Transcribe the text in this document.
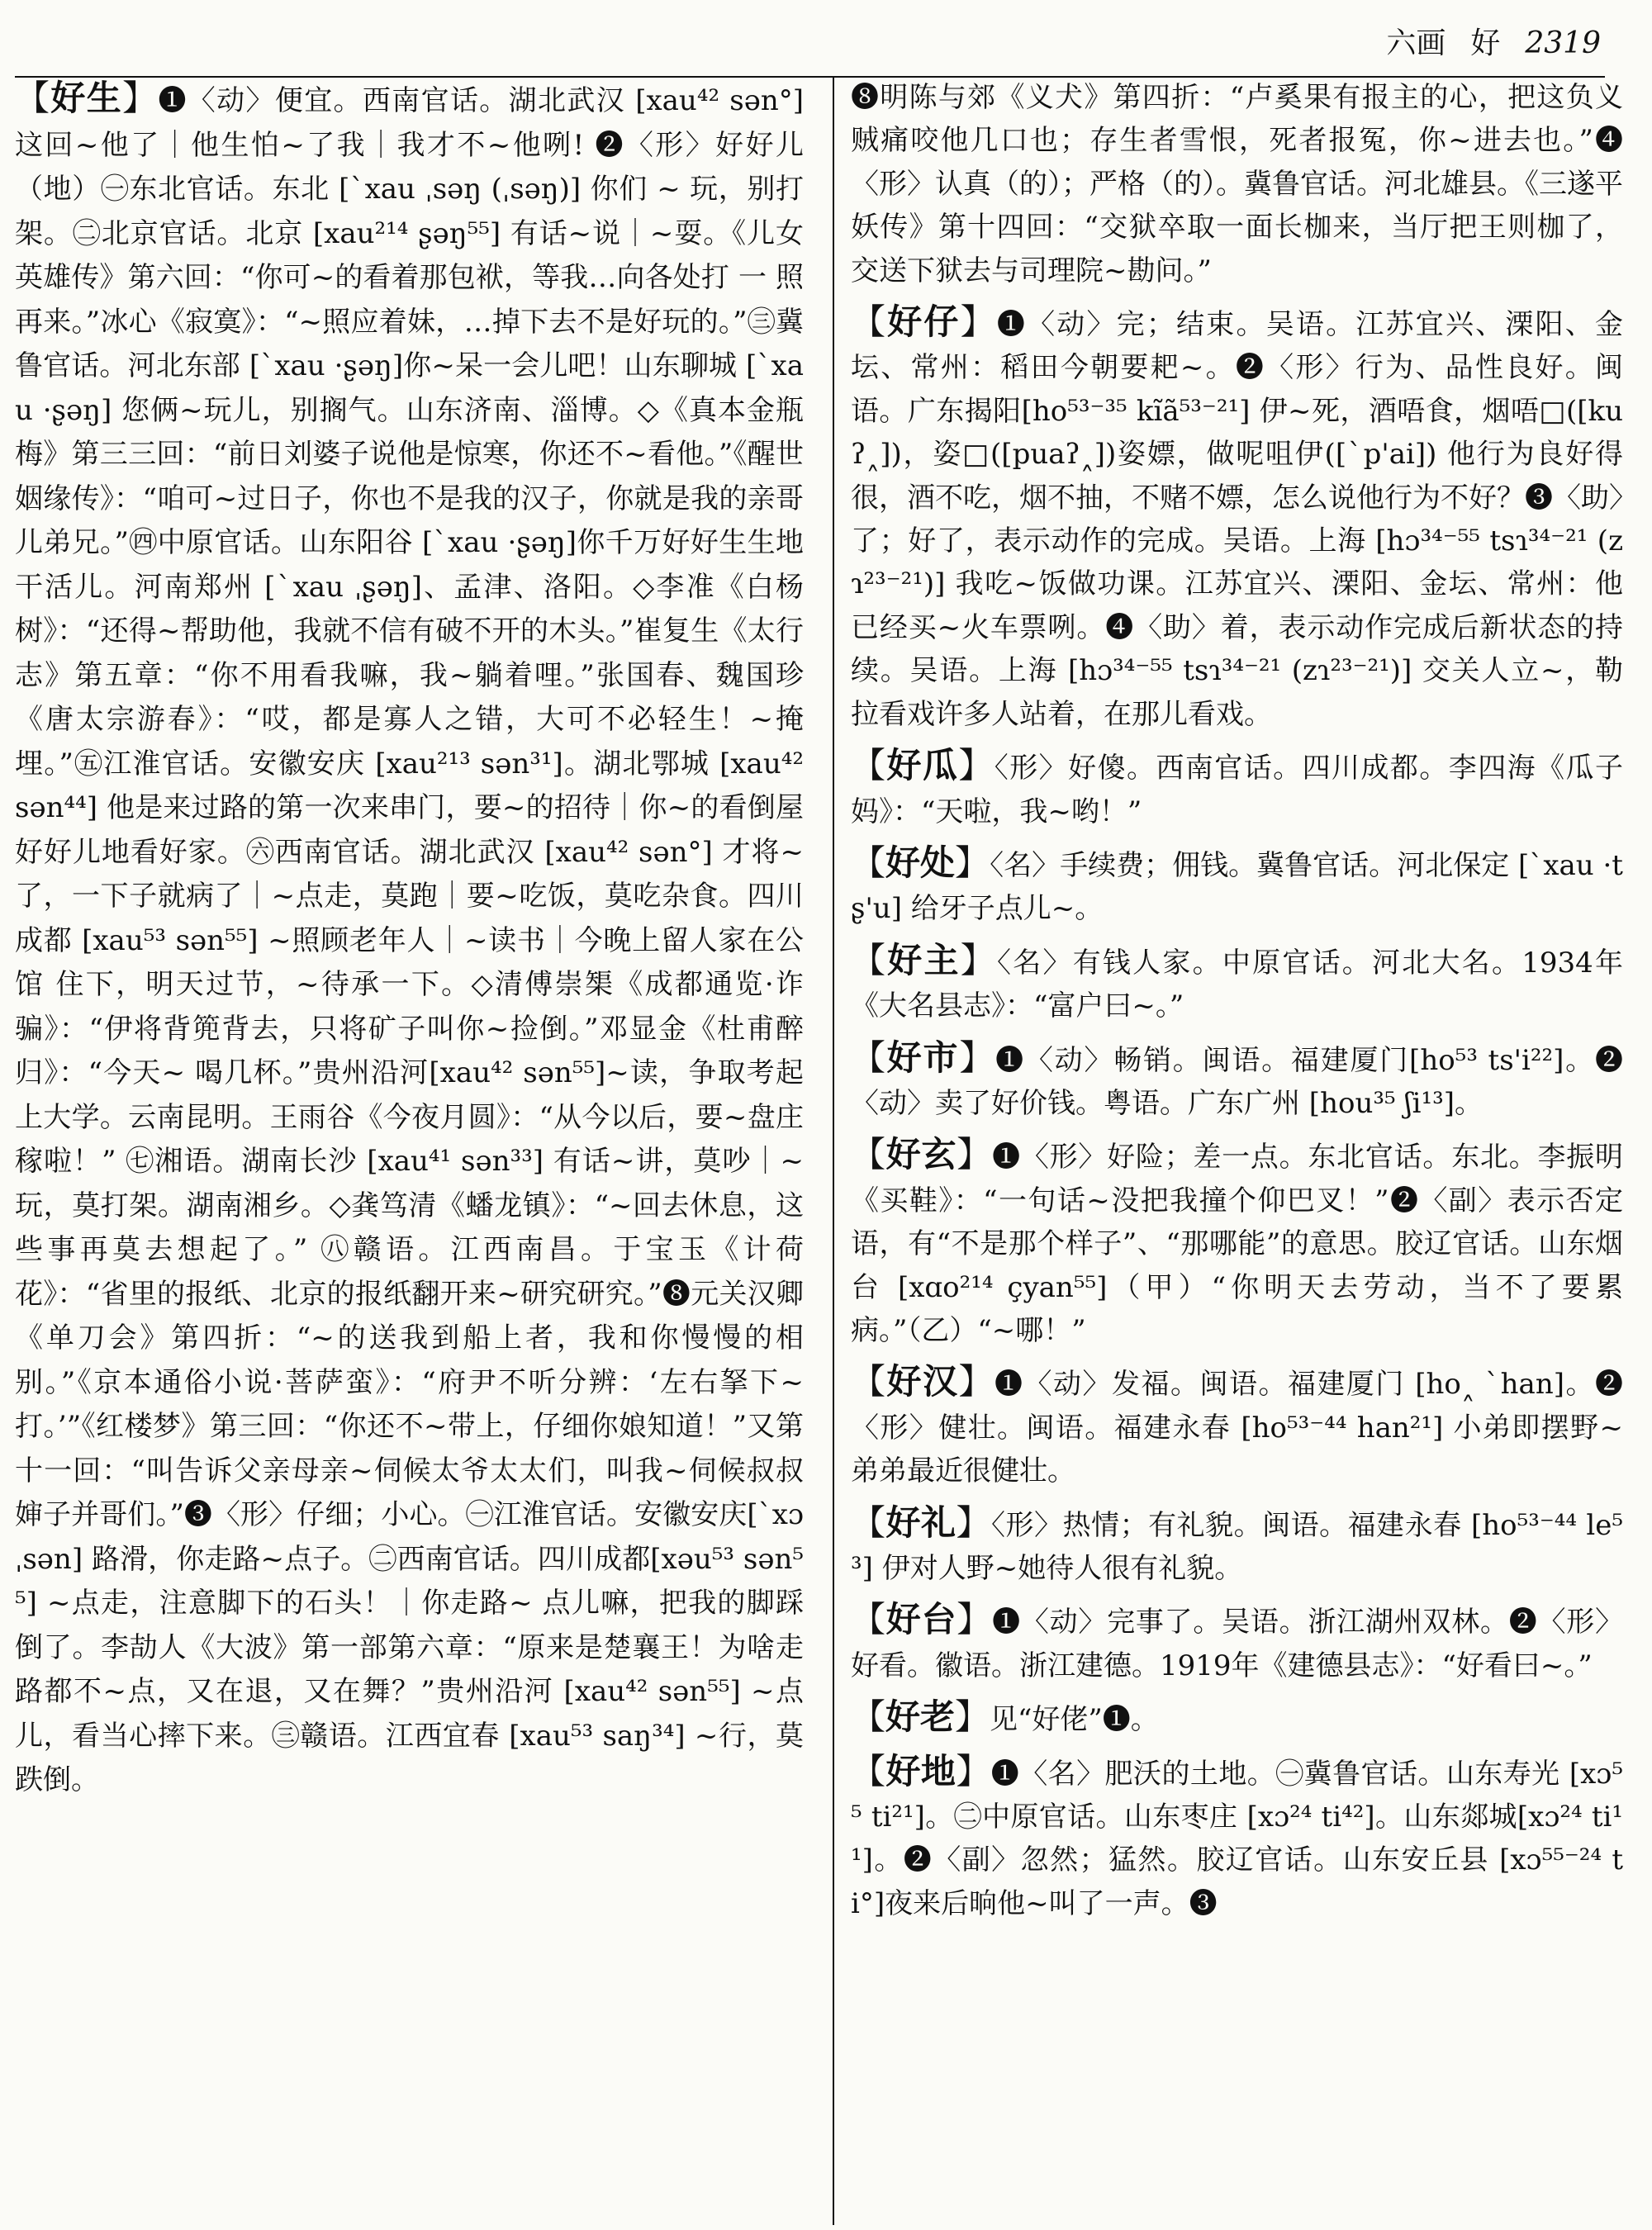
六画 好 2319

【好生】❶〈动〉便宜。西南官话。湖北武汉 [xau⁴² sən°] 这回~他了｜他生怕~了我｜我才不~他咧! ❷〈形〉好好儿（地）㊀东北官话。东北 [ˋxau ˌsəŋ (ˌsəŋ)] 你们 ~ 玩，别打架。㊁北京官话。北京 [xau²¹⁴ ʂəŋ⁵⁵] 有话~说｜~耍。《儿女英雄传》第六回：“你可~的看着那包袱，等我…向各处打 一 照 再来。”冰心《寂寞》：“~照应着妹，…掉下去不是好玩的。”㊂冀鲁官话。河北东部 [ˋxau ·ʂəŋ]你~呆一会儿吧！山东聊城 [ˋxau ·ʂəŋ] 您俩~玩儿，别搁气。山东济南、淄博。◇《真本金瓶梅》第三三回：“前日刘婆子说他是惊寒，你还不~看他。”《醒世姻缘传》：“咱可~过日子，你也不是我的汉子，你就是我的亲哥儿弟兄。”㊃中原官话。山东阳谷 [ˋxau ·ʂəŋ]你千万好好生生地干活儿。河南郑州 [ˋxau ˌʂəŋ]、孟津、洛阳。◇李准《白杨树》：“还得~帮助他，我就不信有破不开的木头。”崔复生《太行志》第五章：“你不用看我嘛，我~躺着哩。”张国春、魏国珍《唐太宗游春》：“哎，都是寡人之错，大可不必轻生！~掩埋。”㊄江淮官话。安徽安庆 [xau²¹³ sən³¹]。湖北鄂城 [xau⁴² sən⁴⁴] 他是来过路的第一次来串门，要~的招待｜你~的看倒屋好好儿地看好家。㊅西南官话。湖北武汉 [xau⁴² sən°] 才将~了，一下子就病了｜~点走，莫跑｜要~吃饭，莫吃杂食。四川成都 [xau⁵³ sən⁵⁵] ~照顾老年人｜~读书｜今晚上留人家在公馆 住下，明天过节，~待承一下。◇清傅崇榘《成都通览·诈骗》：“伊将背篼背去，只将矿子叫你~捡倒。”邓显金《杜甫醉归》：“今天~ 喝几杯。”贵州沿河[xau⁴² sən⁵⁵]~读，争取考起上大学。云南昆明。王雨谷《今夜月圆》：“从今以后，要~盘庄稼啦！” ㊆湘语。湖南长沙 [xau⁴¹ sən³³] 有话~讲，莫吵｜~玩，莫打架。湖南湘乡。◇龚笃清《蟠龙镇》：“~回去休息，这些事再莫去想起了。” ㊇赣语。江西南昌。于宝玉《计荷花》：“省里的报纸、北京的报纸翻开来~研究研究。”❽元关汉卿《单刀会》第四折：“~的送我到船上者，我和你慢慢的相别。”《京本通俗小说·菩萨蛮》：“府尹不听分辨：‘左右拏下~打。’”《红楼梦》第三回：“你还不~带上，仔细你娘知道！”又第十一回：“叫告诉父亲母亲~伺候太爷太太们，叫我~伺候叔叔婶子并哥们。”❸〈形〉仔细；小心。㊀江淮官话。安徽安庆[ˋxɔ ˌsən] 路滑，你走路~点子。㊁西南官话。四川成都[xəu⁵³ sən⁵⁵] ~点走，注意脚下的石头！｜你走路~ 点儿嘛，把我的脚踩倒了。李劼人《大波》第一部第六章：“原来是楚襄王！为啥走路都不~点，又在退，又在舞？”贵州沿河 [xau⁴² sən⁵⁵] ~点儿，看当心摔下来。㊂赣语。江西宜春 [xau⁵³ saŋ³⁴] ~行，莫跌倒。

❽明陈与郊《义犬》第四折：“卢奚果有报主的心，把这负义贼痛咬他几口也；存生者雪恨，死者报冤，你~进去也。”❹〈形〉认真（的）；严格（的）。冀鲁官话。河北雄县。《三遂平妖传》第十四回：“交狱卒取一面长枷来，当厅把王则枷了，交送下狱去与司理院~勘问。”

【好仔】❶〈动〉完；结束。吴语。江苏宜兴、溧阳、金坛、常州：稻田今朝要耙~。❷〈形〉行为、品性良好。闽语。广东揭阳[ho⁵³⁻³⁵ kĩã⁵³⁻²¹] 伊~死，酒唔食，烟唔□([kuʔ˰])，姿□([puaʔ˰])姿嫖，做呢咀伊([ˋp'ai]) 他行为良好得很，酒不吃，烟不抽，不赌不嫖，怎么说他行为不好？❸〈助〉了；好了，表示动作的完成。吴语。上海 [hɔ³⁴⁻⁵⁵ tsɿ³⁴⁻²¹ (zɿ²³⁻²¹)] 我吃~饭做功课。江苏宜兴、溧阳、金坛、常州：他已经买~火车票咧。❹〈助〉着，表示动作完成后新状态的持续。吴语。上海 [hɔ³⁴⁻⁵⁵ tsɿ³⁴⁻²¹ (zɿ²³⁻²¹)] 交关人立~，勒拉看戏许多人站着，在那儿看戏。

【好瓜】〈形〉好傻。西南官话。四川成都。李四海《瓜子妈》：“天啦，我~哟！”

【好处】〈名〉手续费；佣钱。冀鲁官话。河北保定 [ˋxau ·tʂ'u] 给牙子点儿~。

【好主】〈名〉有钱人家。中原官话。河北大名。1934年《大名县志》：“富户曰~。”

【好市】❶〈动〉畅销。闽语。福建厦门[ho⁵³ ts'i²²]。❷〈动〉卖了好价钱。粤语。广东广州 [hou³⁵ ʃi¹³]。

【好玄】❶〈形〉好险；差一点。东北官话。东北。李振明《买鞋》：“一句话~没把我撞个仰巴叉！”❷〈副〉表示否定语，有“不是那个样子”、“那哪能”的意思。胶辽官话。山东烟台 [xɑo²¹⁴ çyan⁵⁵]（甲）“你明天去劳动，当不了要累病。”（乙）“~哪！”

【好汉】❶〈动〉发福。闽语。福建厦门 [ho˰ ˋhan]。❷〈形〉健壮。闽语。福建永春 [ho⁵³⁻⁴⁴ han²¹] 小弟即摆野~弟弟最近很健壮。

【好礼】〈形〉热情；有礼貌。闽语。福建永春 [ho⁵³⁻⁴⁴ le⁵³] 伊对人野~她待人很有礼貌。

【好台】❶〈动〉完事了。吴语。浙江湖州双林。❷〈形〉好看。徽语。浙江建德。1919年《建德县志》：“好看曰~。”

【好老】见“好佬”❶。

【好地】❶〈名〉肥沃的土地。㊀冀鲁官话。山东寿光 [xɔ⁵⁵ ti²¹]。㊁中原官话。山东枣庄 [xɔ²⁴ ti⁴²]。山东郯城[xɔ²⁴ ti¹¹]。❷〈副〉忽然；猛然。胶辽官话。山东安丘县 [xɔ⁵⁵⁻²⁴ ti°]夜来后晌他~叫了一声。❸
